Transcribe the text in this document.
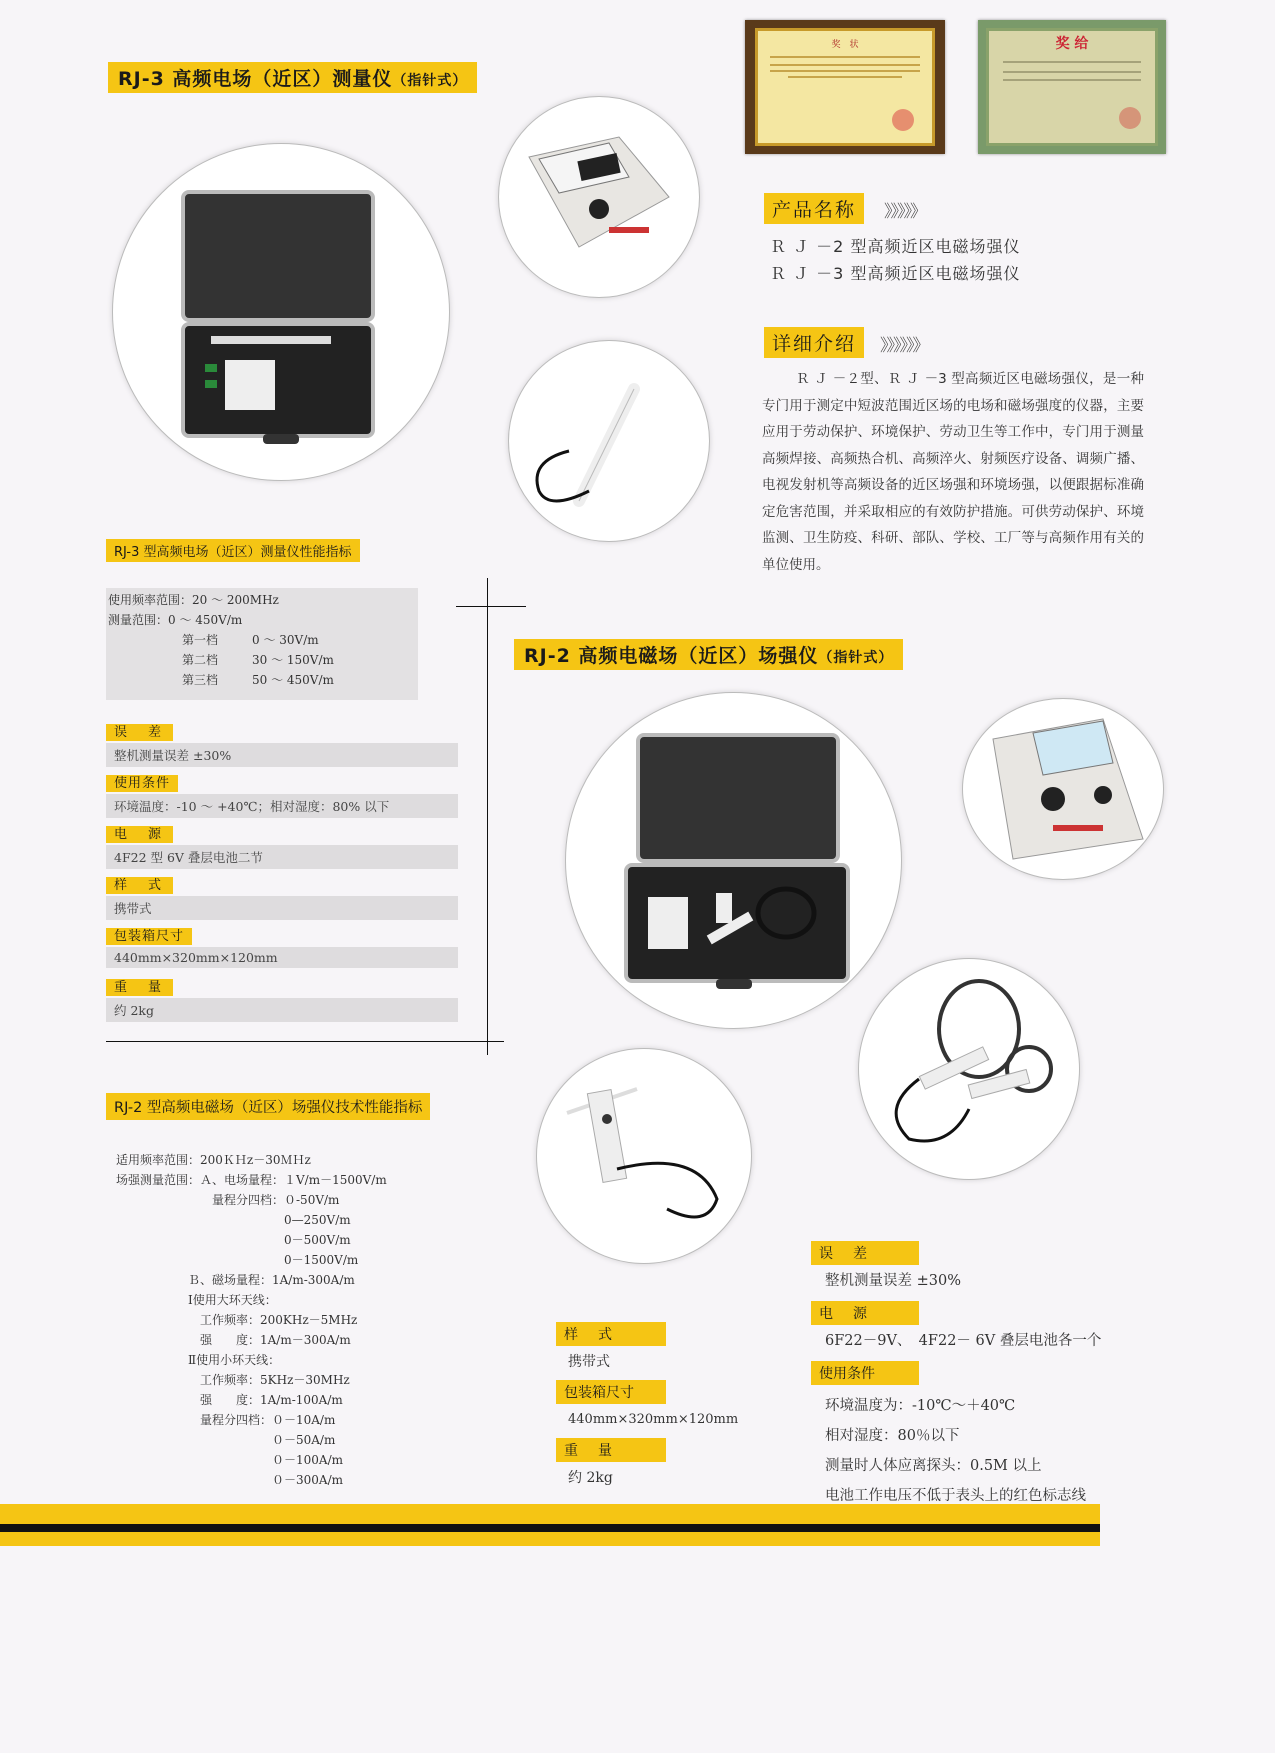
奖　状	奖 给
RJ-3 高频电场（近区）测量仪（指针式）
产品名称	》》》》》
Ｒ Ｊ －2 型高频近区电磁场强仪
Ｒ Ｊ －3 型高频近区电磁场强仪
详细介绍	》》》》》》
Ｒ Ｊ －２型、Ｒ Ｊ －3 型高频近区电磁场强仪，是一种专门用于测定中短波范围近区场的电场和磁场强度的仪器，主要应用于劳动保护、环境保护、劳动卫生等工作中，专门用于测量高频焊接、高频热合机、高频淬火、射频医疗设备、调频广播、电视发射机等高频设备的近区场强和环境场强，以便跟据标准确定危害范围，并采取相应的有效防护措施。可供劳动保护、环境监测、卫生防疫、科研、部队、学校、工厂等与高频作用有关的单位使用。
RJ-3 型高频电场（近区）测量仪性能指标
使用频率范围：20 ～ 200MHz
测量范围：0 ～ 450V/m
第一档	0 ～ 30V/m
第二档	30 ～ 150V/m
第三档	50 ～ 450V/m
误　差
整机测量误差 ±30%
使用条件
环境温度：-10 ～ +40℃；相对湿度：80% 以下
电　源
4F22 型 6V 叠层电池二节
样　式
携带式
包装箱尺寸
440mm×320mm×120mm
重　量
约 2kg
RJ-2 高频电磁场（近区）场强仪（指针式）
RJ-2 型高频电磁场（近区）场强仪技术性能指标
适用频率范围：200ＫＨz－30ＭＨz
场强测量范围：Ａ、电场量程：１V/m－1500V/m
　　　　　　　　量程分四档：０-50V/m
　　　　　　　　　　　　　　0—250V/m
　　　　　　　　　　　　　　0－500V/m
　　　　　　　　　　　　　　0－1500V/m
　　　　　　Ｂ、磁场量程：1A/m-300A/m
　　　　　　Ⅰ使用大环天线：
　　　　　　　工作频率：200KHz－5MHz
　　　　　　　强　　度：1A/m－300A/m
　　　　　　Ⅱ使用小环天线：
　　　　　　　工作频率：5KHz－30MHz
　　　　　　　强　　度：1A/m-100A/m
　　　　　　　量程分四档：０－10A/m
　　　　　　　　　　　　　０－50A/m
　　　　　　　　　　　　　０－100A/m
　　　　　　　　　　　　　０－300A/m
样　式
携带式
包装箱尺寸
440mm×320mm×120mm
重　量
约 2kg
误　差
整机测量误差 ±30%
电　源
6F22－9V、　4F22－ 6V 叠层电池各一个
使用条件
环境温度为：-10℃～＋40℃
相对湿度：80％以下
测量时人体应离探头：0.5M 以上
电池工作电压不低于表头上的红色标志线
